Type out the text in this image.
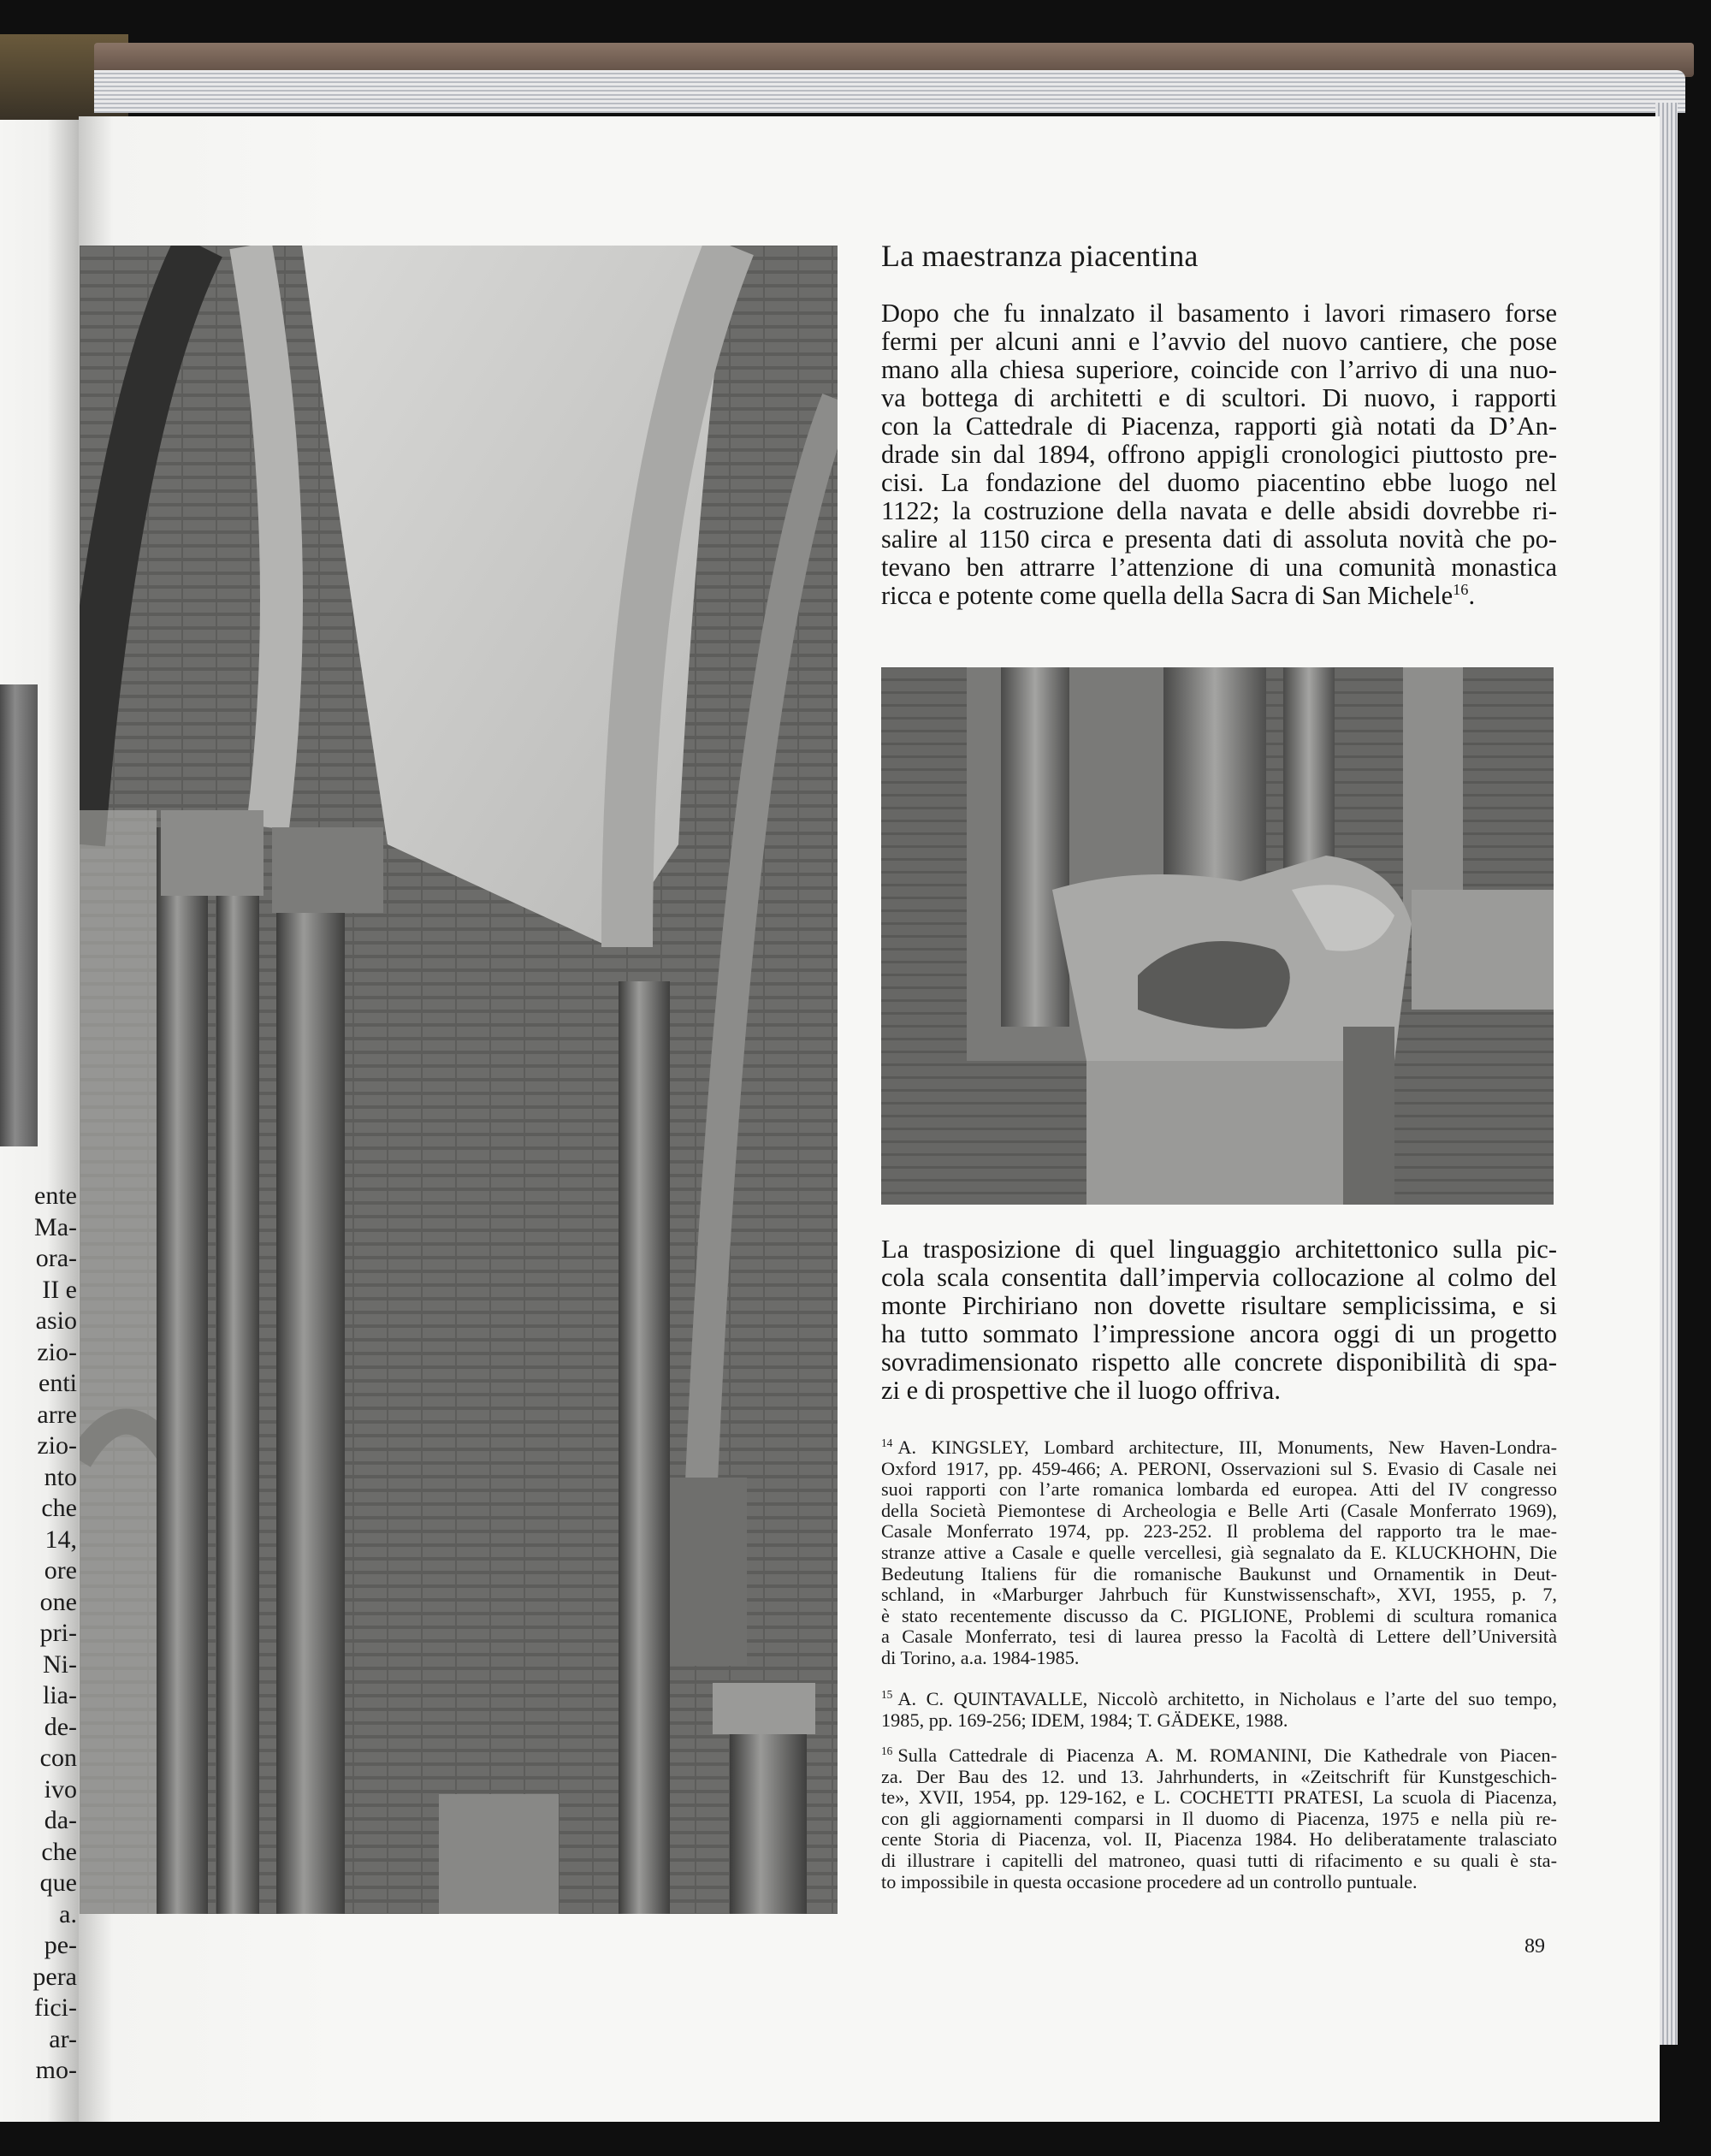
ente
Ma-
ora-
II e
asio
zio-
enti
arre
zio-
nto
che
14,
ore
one
pri-
Ni-
lia-
de-
con
ivo
da-
che
que
a.
pe-
pera
fici-
ar-
mo-
La maestranza piacentina
Dopo che fu innalzato il basamento i lavori rimasero forse
fermi per alcuni anni e l’avvio del nuovo cantiere, che pose
mano alla chiesa superiore, coincide con l’arrivo di una nuo-
va bottega di architetti e di scultori. Di nuovo, i rapporti
con la Cattedrale di Piacenza, rapporti già notati da D’An-
drade sin dal 1894, offrono appigli cronologici piuttosto pre-
cisi. La fondazione del duomo piacentino ebbe luogo nel
1122; la costruzione della navata e delle absidi dovrebbe ri-
salire al 1150 circa e presenta dati di assoluta novità che po-
tevano ben attrarre l’attenzione di una comunità monastica
ricca e potente come quella della Sacra di San Michele$^{16}$.
La trasposizione di quel linguaggio architettonico sulla pic-
cola scala consentita dall’impervia collocazione al colmo del
monte Pirchiriano non dovette risultare semplicissima, e si
ha tutto sommato l’impressione ancora oggi di un progetto
sovradimensionato rispetto alle concrete disponibilità di spa-
zi e di prospettive che il luogo offriva.
$^{14}$ A. KINGSLEY, Lombard architecture, III, Monuments, New Haven-Londra-
Oxford 1917, pp. 459-466; A. PERONI, Osservazioni sul S. Evasio di Casale nei
suoi rapporti con l’arte romanica lombarda ed europea. Atti del IV congresso
della Società Piemontese di Archeologia e Belle Arti (Casale Monferrato 1969),
Casale Monferrato 1974, pp. 223-252. Il problema del rapporto tra le mae-
stranze attive a Casale e quelle vercellesi, già segnalato da E. KLUCKHOHN, Die
Bedeutung Italiens für die romanische Baukunst und Ornamentik in Deut-
schland, in «Marburger Jahrbuch für Kunstwissenschaft», XVI, 1955, p. 7,
è stato recentemente discusso da C. PIGLIONE, Problemi di scultura romanica
a Casale Monferrato, tesi di laurea presso la Facoltà di Lettere dell’Università
di Torino, a.a. 1984-1985.
$^{15}$ A. C. QUINTAVALLE, Niccolò architetto, in Nicholaus e l’arte del suo tempo,
1985, pp. 169-256; IDEM, 1984; T. GÄDEKE, 1988.
$^{16}$ Sulla Cattedrale di Piacenza A. M. ROMANINI, Die Kathedrale von Piacen-
za. Der Bau des 12. und 13. Jahrhunderts, in «Zeitschrift für Kunstgeschich-
te», XVII, 1954, pp. 129-162, e L. COCHETTI PRATESI, La scuola di Piacenza,
con gli aggiornamenti comparsi in Il duomo di Piacenza, 1975 e nella più re-
cente Storia di Piacenza, vol. II, Piacenza 1984. Ho deliberatamente tralasciato
di illustrare i capitelli del matroneo, quasi tutti di rifacimento e su quali è sta-
to impossibile in questa occasione procedere ad un controllo puntuale.
89
